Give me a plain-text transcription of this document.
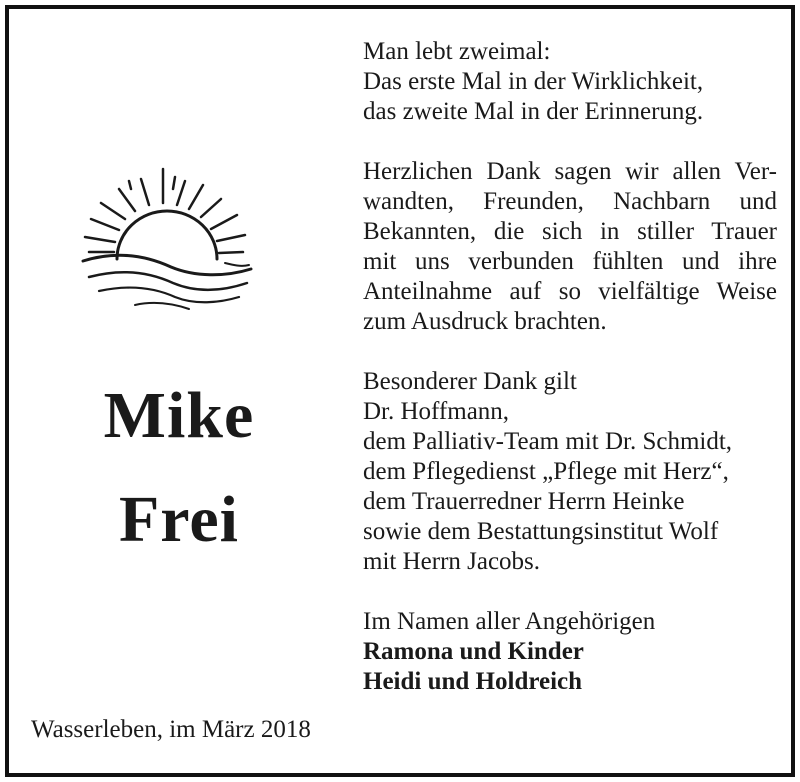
Mike
Frei
Wasserleben, im März 2018

Man lebt zweimal:
Das erste Mal in der Wirklichkeit,
das zweite Mal in der Erinnerung.

Herzlichen Dank sagen wir allen Ver-
wandten, Freunden, Nachbarn und
Bekannten, die sich in stiller Trauer
mit uns verbunden fühlten und ihre
Anteilnahme auf so vielfältige Weise
zum Ausdruck brachten.

Besonderer Dank gilt
Dr. Hoffmann,
dem Palliativ-Team mit Dr. Schmidt,
dem Pflegedienst „Pflege mit Herz“,
dem Trauerredner Herrn Heinke
sowie dem Bestattungsinstitut Wolf
mit Herrn Jacobs.

Im Namen aller Angehörigen
Ramona und Kinder
Heidi und Holdreich
